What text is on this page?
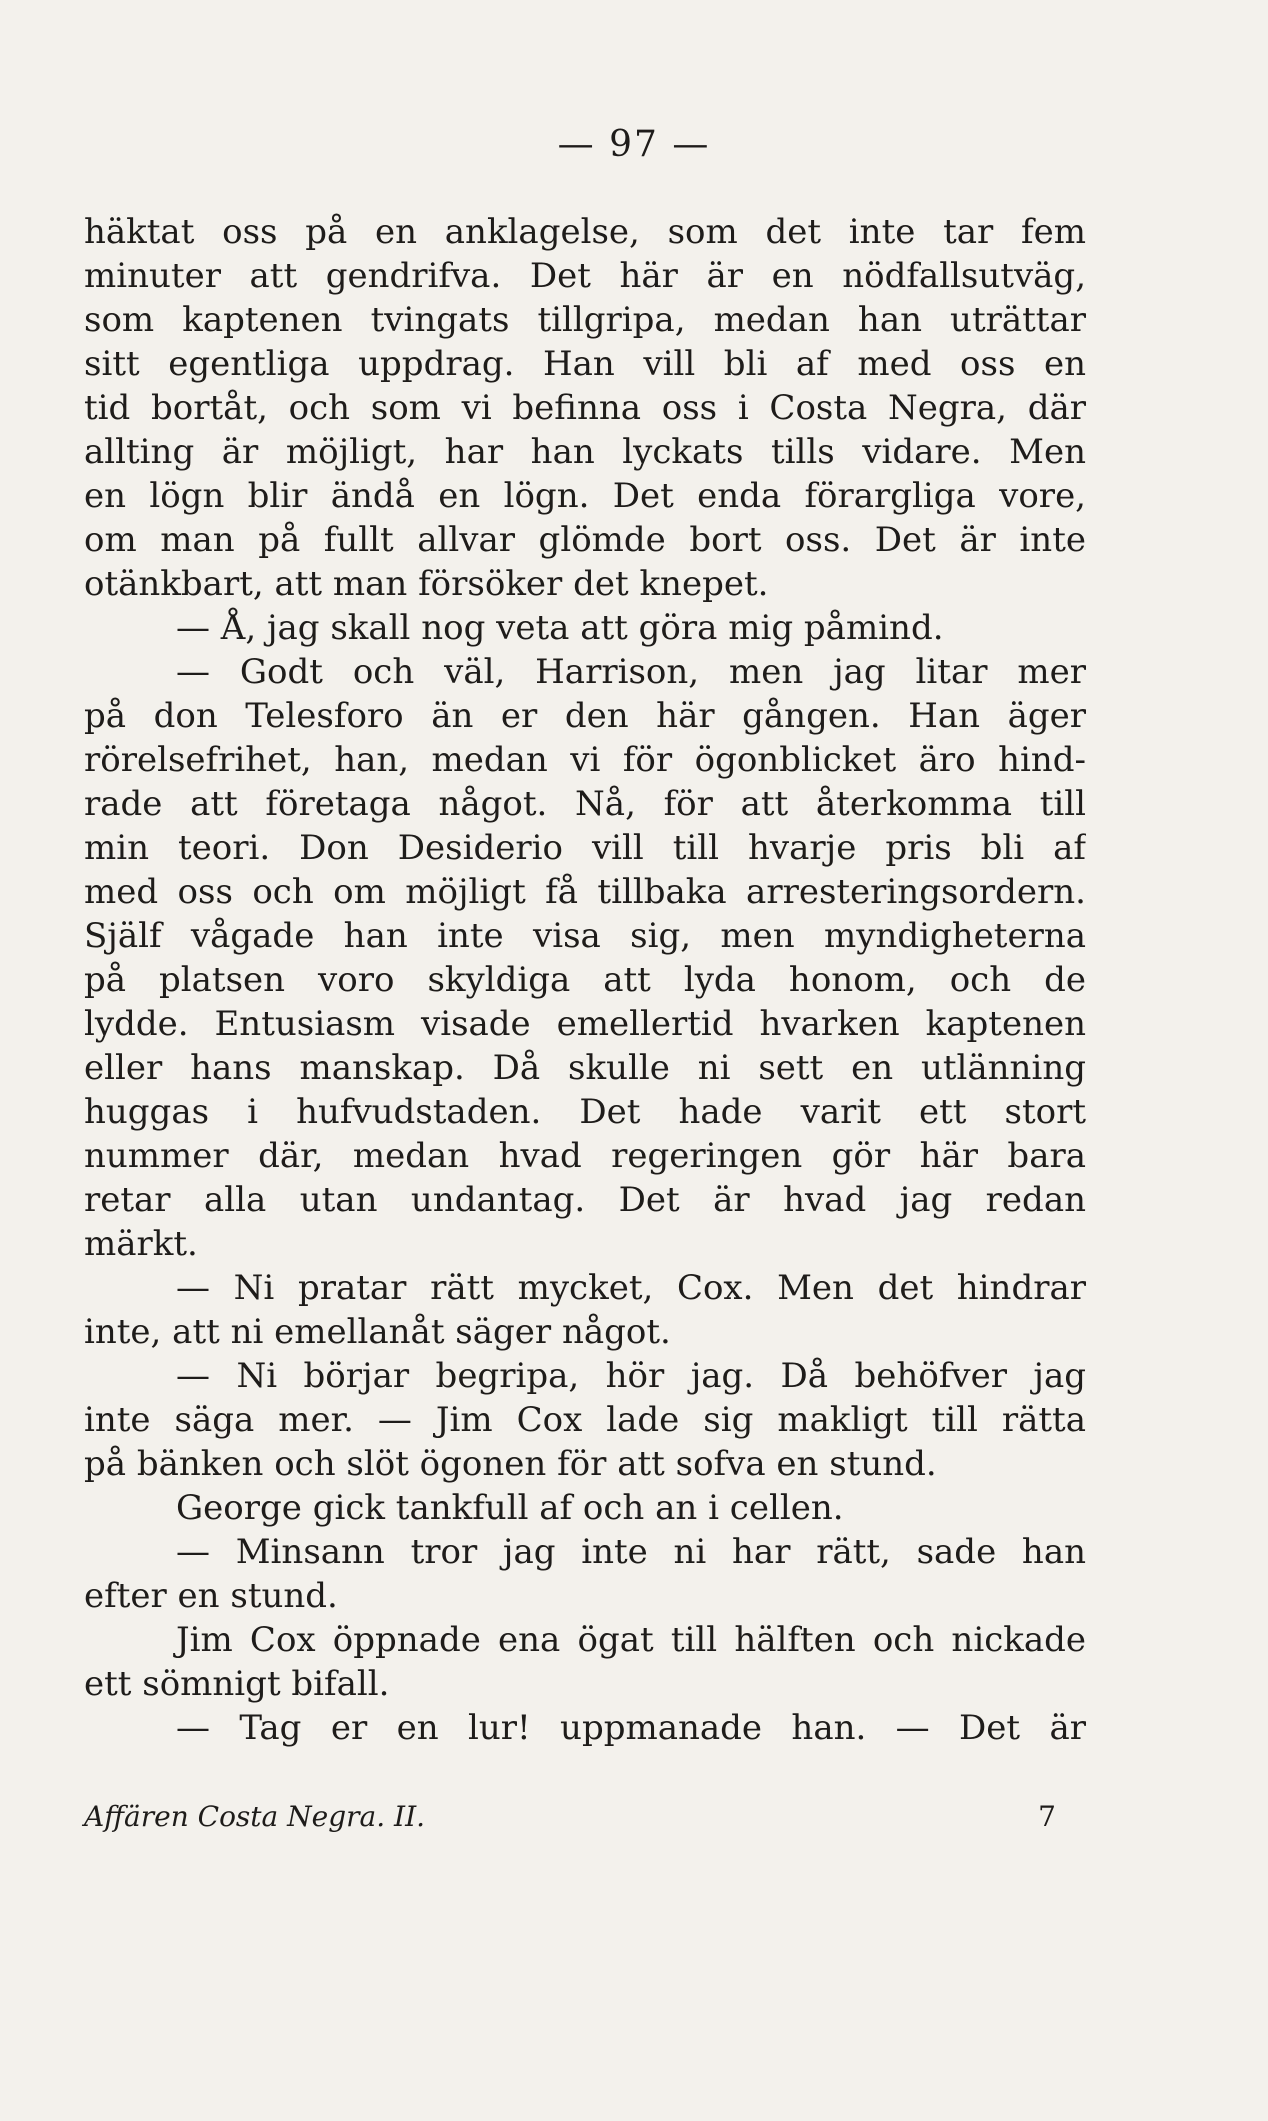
— 97 —
häktat oss på en anklagelse, som det inte tar fem
minuter att gendrifva. Det här är en nödfallsutväg,
som kaptenen tvingats tillgripa, medan han uträttar
sitt egentliga uppdrag. Han vill bli af med oss en
tid bortåt, och som vi befinna oss i Costa Negra, där
allting är möjligt, har han lyckats tills vidare. Men
en lögn blir ändå en lögn. Det enda förargliga vore,
om man på fullt allvar glömde bort oss. Det är inte
otänkbart, att man försöker det knepet.
— Å, jag skall nog veta att göra mig påmind.
— Godt och väl, Harrison, men jag litar mer
på don Telesforo än er den här gången. Han äger
rörelsefrihet, han, medan vi för ögonblicket äro hind-
rade att företaga något. Nå, för att återkomma till
min teori. Don Desiderio vill till hvarje pris bli af
med oss och om möjligt få tillbaka arresteringsordern.
Själf vågade han inte visa sig, men myndigheterna
på platsen voro skyldiga att lyda honom, och de
lydde. Entusiasm visade emellertid hvarken kaptenen
eller hans manskap. Då skulle ni sett en utlänning
huggas i hufvudstaden. Det hade varit ett stort
nummer där, medan hvad regeringen gör här bara
retar alla utan undantag. Det är hvad jag redan
märkt.
— Ni pratar rätt mycket, Cox. Men det hindrar
inte, att ni emellanåt säger något.
— Ni börjar begripa, hör jag. Då behöfver jag
inte säga mer. — Jim Cox lade sig makligt till rätta
på bänken och slöt ögonen för att sofva en stund.
George gick tankfull af och an i cellen.
— Minsann tror jag inte ni har rätt, sade han
efter en stund.
Jim Cox öppnade ena ögat till hälften och nickade
ett sömnigt bifall.
— Tag er en lur! uppmanade han. — Det är
Affären Costa Negra. II.	7
